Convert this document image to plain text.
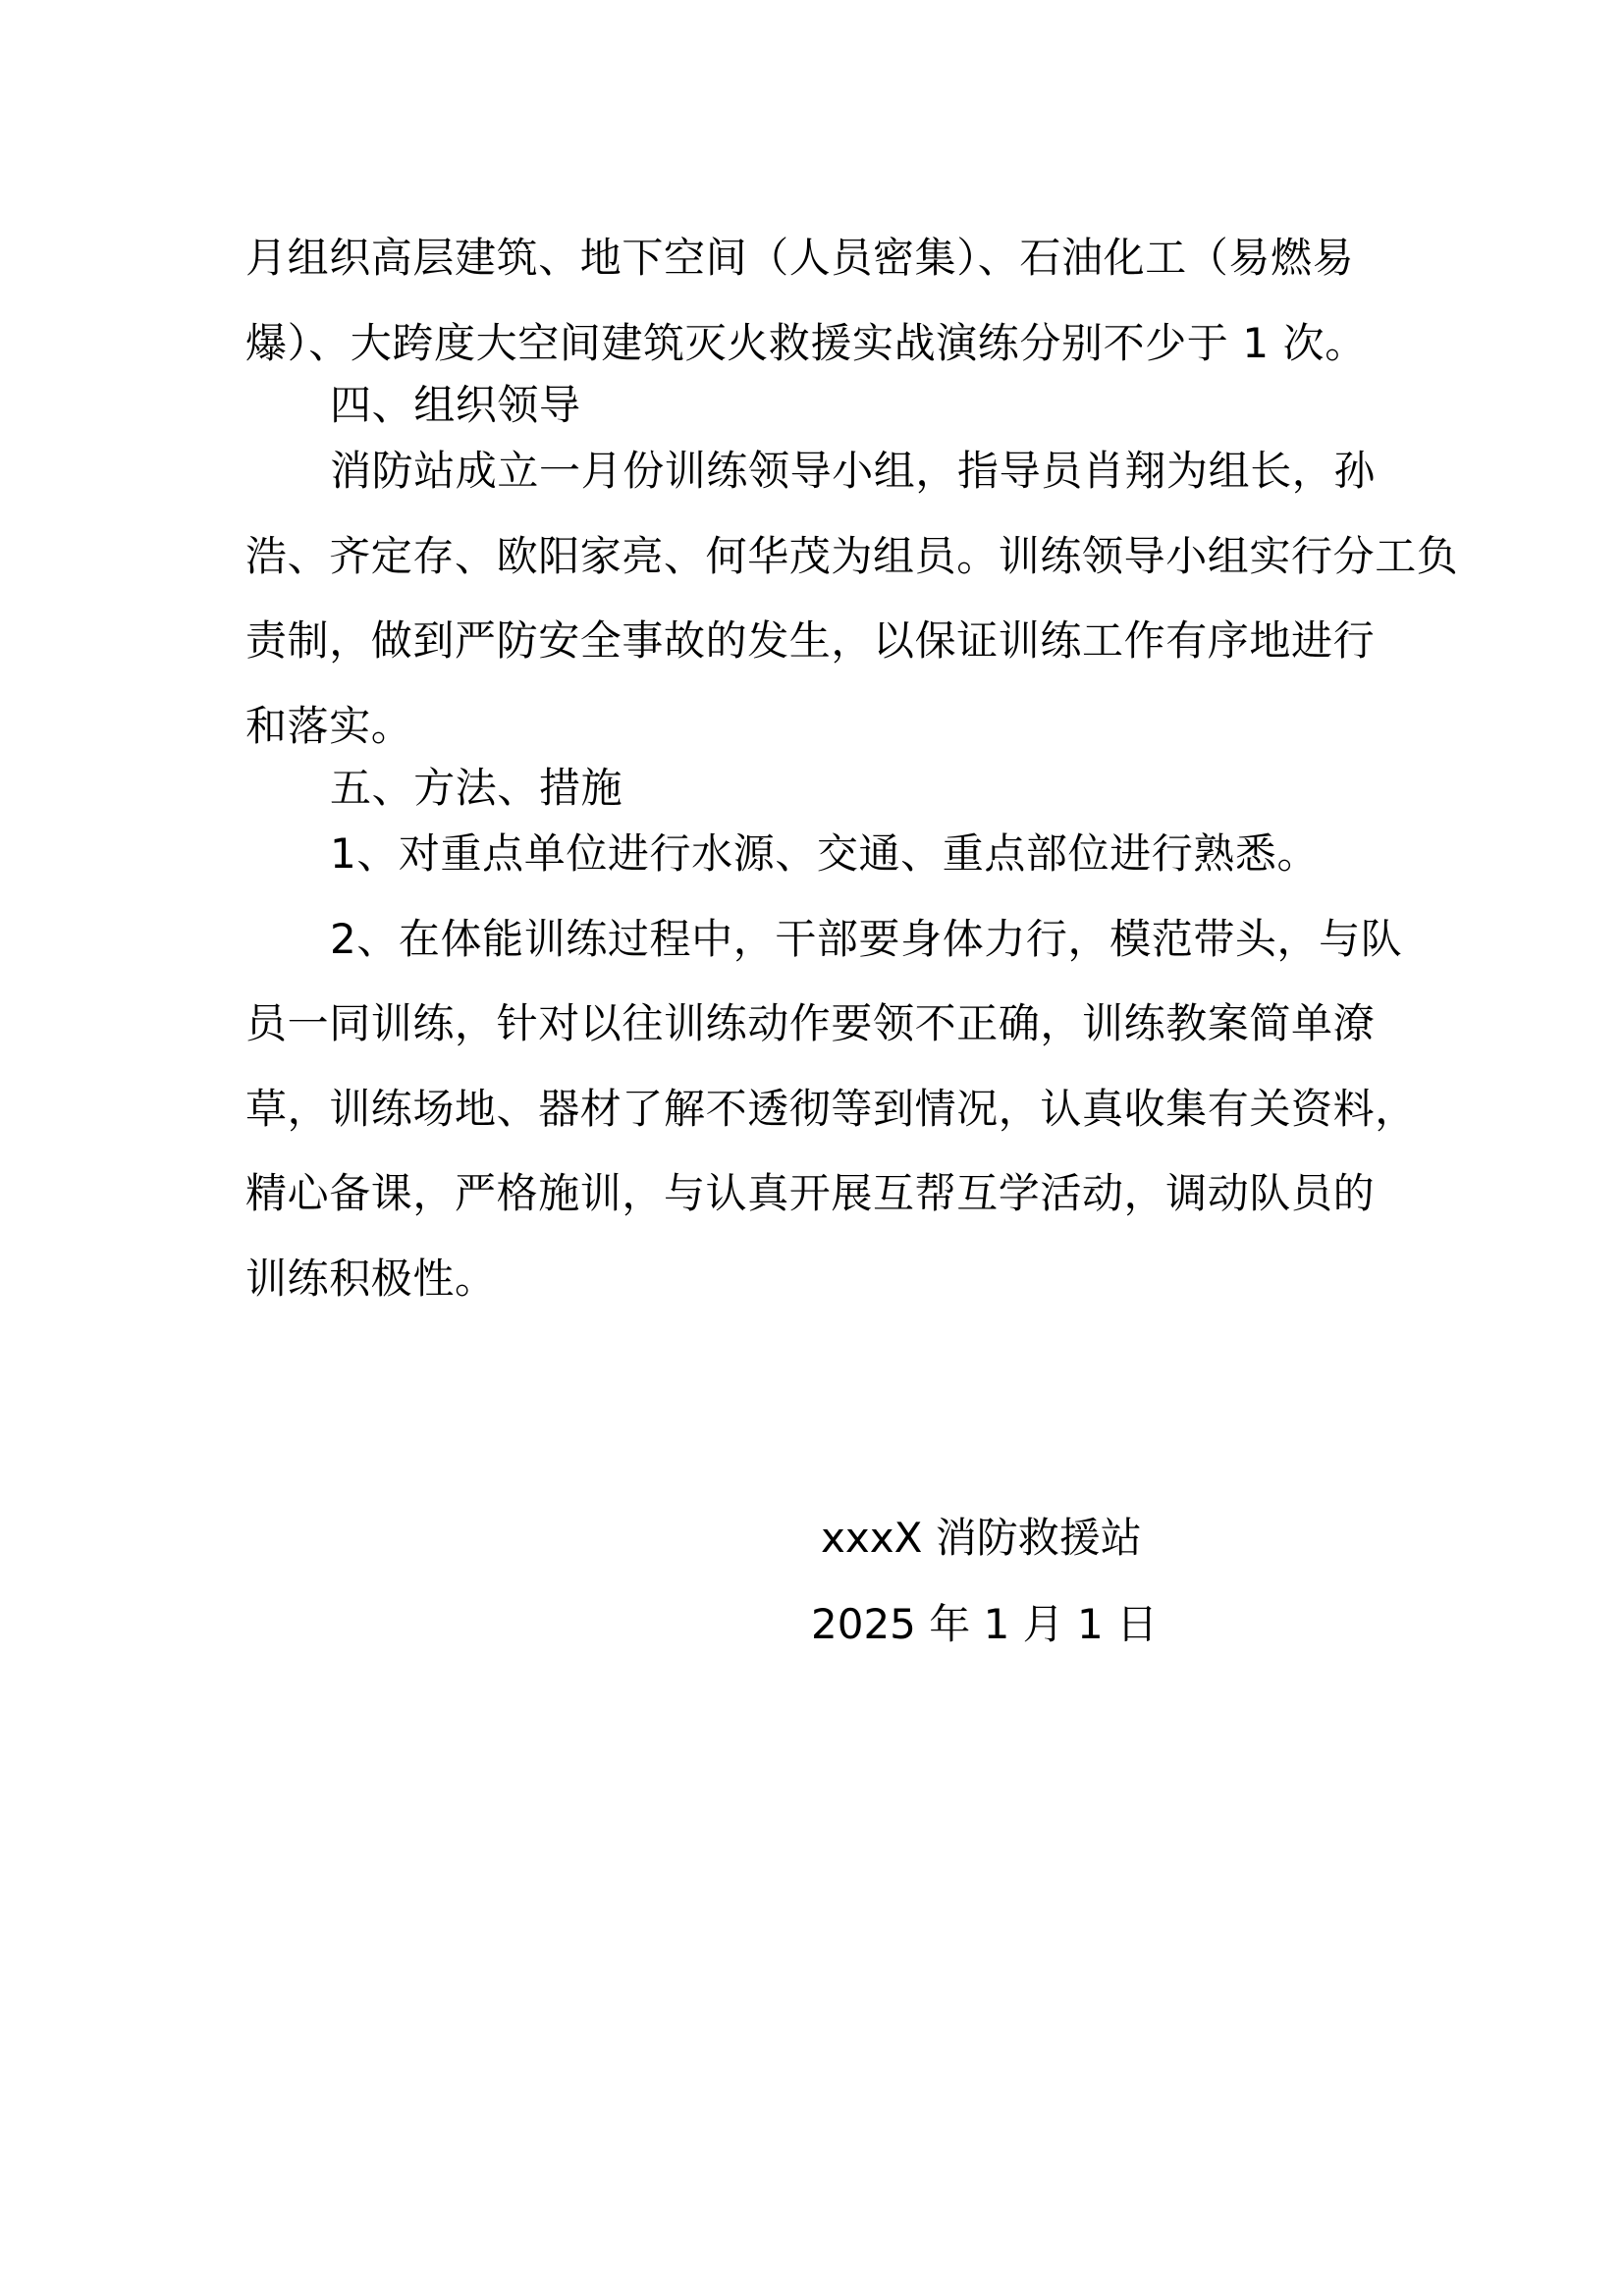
月组织高层建筑、地下空间（人员密集）、石油化工（易燃易
爆）、大跨度大空间建筑灭火救援实战演练分别不少于 1 次。
四、组织领导
消防站成立一月份训练领导小组，指导员肖翔为组长，孙
浩、齐定存、欧阳家亮、何华茂为组员。训练领导小组实行分工负
责制，做到严防安全事故的发生，以保证训练工作有序地进行
和落实。
五、方法、措施
1、对重点单位进行水源、交通、重点部位进行熟悉。
2、在体能训练过程中，干部要身体力行，模范带头，与队
员一同训练，针对以往训练动作要领不正确，训练教案简单潦
草，训练场地、器材了解不透彻等到情况，认真收集有关资料，
精心备课，严格施训，与认真开展互帮互学活动，调动队员的
训练积极性。
xxxX 消防救援站
2025 年 1 月 1 日
